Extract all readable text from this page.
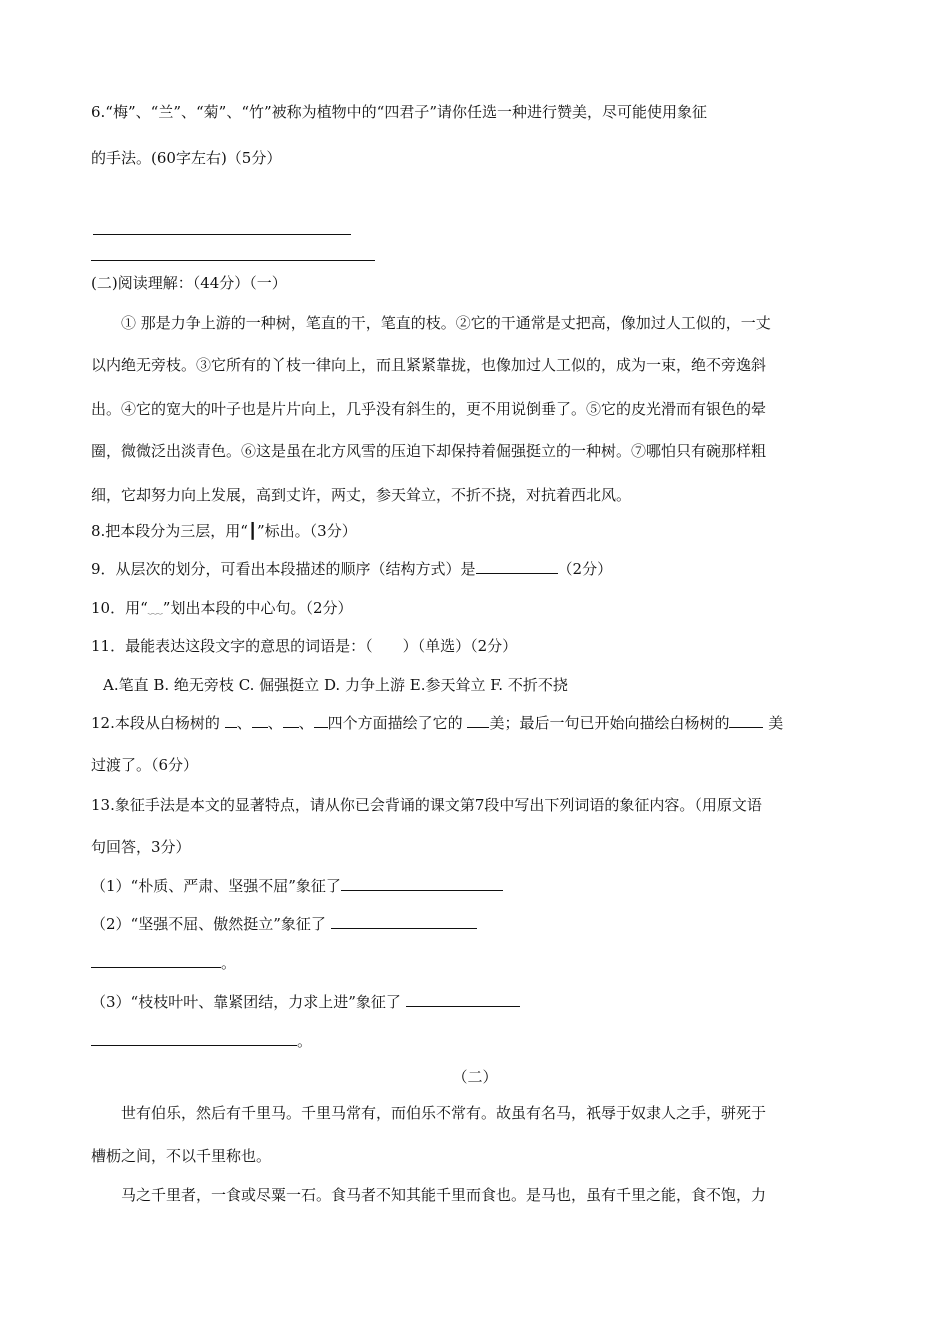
6.“梅”、“兰”、“菊”、“竹”被称为植物中的“四君子”请你任选一种进行赞美，尽可能使用象征
的手法。(60字左右)（5分）
(二)阅读理解：（44分）（一）
① 那是力争上游的一种树，笔直的干，笔直的枝。②它的干通常是丈把高，像加过人工似的，一丈
以内绝无旁枝。③它所有的丫枝一律向上，而且紧紧靠拢，也像加过人工似的，成为一束，绝不旁逸斜
出。④它的宽大的叶子也是片片向上，几乎没有斜生的，更不用说倒垂了。⑤它的皮光滑而有银色的晕
圈，微微泛出淡青色。⑥这是虽在北方风雪的压迫下却保持着倔强挺立的一种树。⑦哪怕只有碗那样粗
细，它却努力向上发展，高到丈许，两丈，参天耸立，不折不挠，对抗着西北风。
8.把本段分为三层，用“┃”标出。（3分）
9．从层次的划分，可看出本段描述的顺序（结构方式）是	（2分）
10．用“﹏”划出本段的中心句。（2分）
11．最能表达这段文字的意思的词语是：（　　）（单选）（2分）
A.笔直 B. 绝无旁枝 C. 倔强挺立 D. 力争上游 E.参天耸立 F. 不折不挠
12.本段从白杨树的 、 、 、 四个方面描绘了它的 美；最后一句已开始向描绘白杨树的 美
过渡了。（6分）
13.象征手法是本文的显著特点，请从你已会背诵的课文第7段中写出下列词语的象征内容。（用原文语
句回答，3分）
（1）“朴质、严肃、坚强不屈”象征了
（2）“坚强不屈、傲然挺立”象征了
。
（3）“枝枝叶叶、靠紧团结，力求上进”象征了
。
（二）
世有伯乐，然后有千里马。千里马常有，而伯乐不常有。故虽有名马，祇辱于奴隶人之手，骈死于
槽枥之间，不以千里称也。
马之千里者，一食或尽粟一石。食马者不知其能千里而食也。是马也，虽有千里之能，食不饱，力
